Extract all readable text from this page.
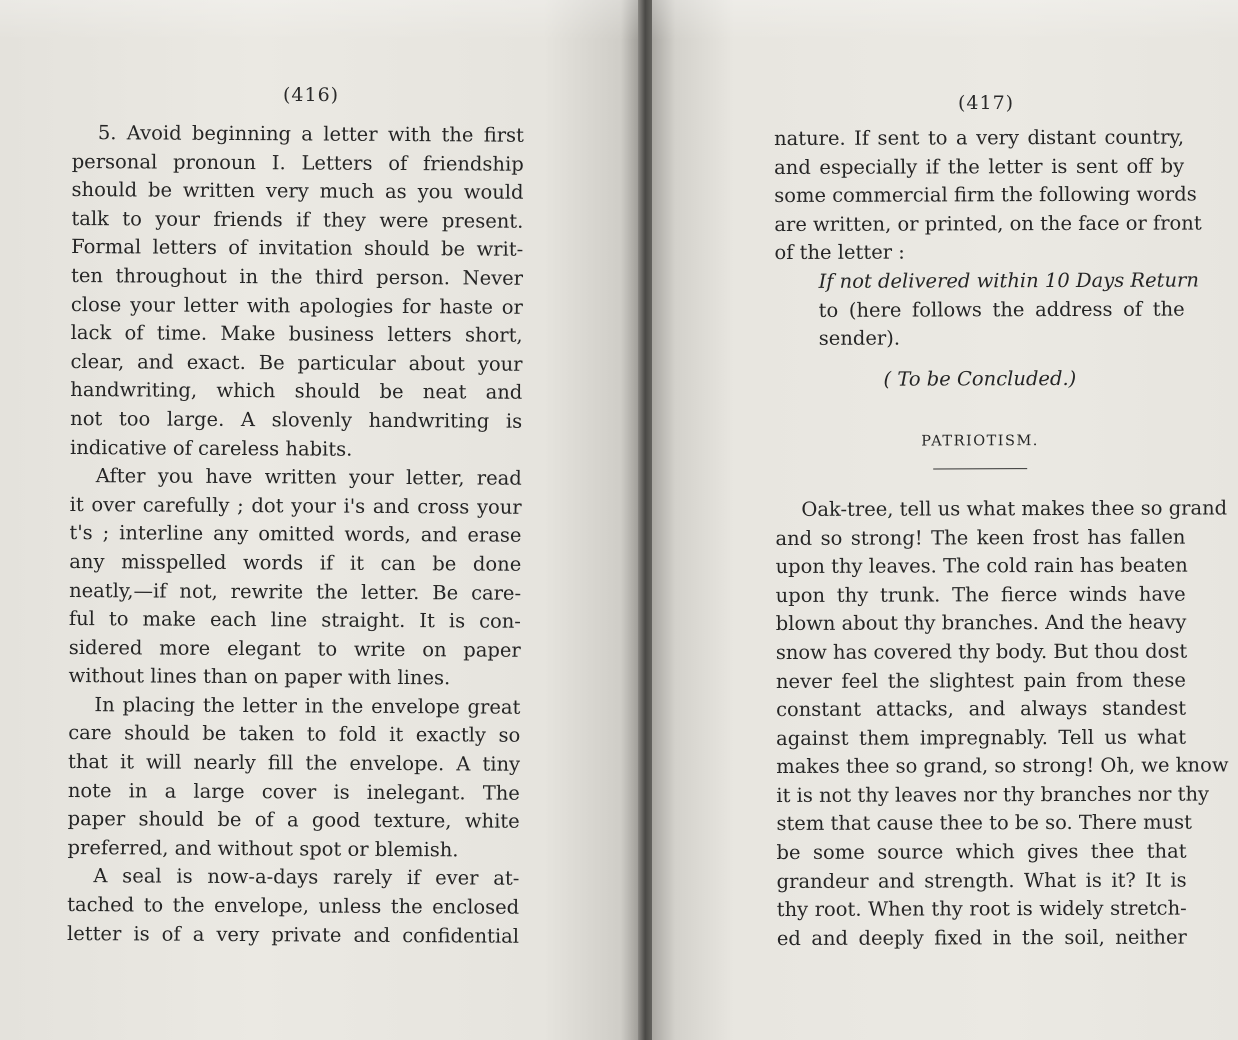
(416)
5. Avoid beginning a letter with the first
personal pronoun I. Letters of friendship
should be written very much as you would
talk to your friends if they were present.
Formal letters of invitation should be writ-
ten throughout in the third person. Never
close your letter with apologies for haste or
lack of time. Make business letters short,
clear, and exact. Be particular about your
handwriting, which should be neat and
not too large. A slovenly handwriting is
indicative of careless habits.
After you have written your letter, read
it over carefully ; dot your i's and cross your
t's ; interline any omitted words, and erase
any misspelled words if it can be done
neatly,—if not, rewrite the letter. Be care-
ful to make each line straight. It is con-
sidered more elegant to write on paper
without lines than on paper with lines.
In placing the letter in the envelope great
care should be taken to fold it exactly so
that it will nearly fill the envelope. A tiny
note in a large cover is inelegant. The
paper should be of a good texture, white
preferred, and without spot or blemish.
A seal is now-a-days rarely if ever at-
tached to the envelope, unless the enclosed
letter is of a very private and confidential
(417)
nature. If sent to a very distant country,
and especially if the letter is sent off by
some commercial firm the following words
are written, or printed, on the face or front
of the letter :
If not delivered within 10 Days Return
to (here follows the address of the
sender).
( To be Concluded.)
PATRIOTISM.
Oak-tree, tell us what makes thee so grand
and so strong! The keen frost has fallen
upon thy leaves. The cold rain has beaten
upon thy trunk. The fierce winds have
blown about thy branches. And the heavy
snow has covered thy body. But thou dost
never feel the slightest pain from these
constant attacks, and always standest
against them impregnably. Tell us what
makes thee so grand, so strong! Oh, we know
it is not thy leaves nor thy branches nor thy
stem that cause thee to be so. There must
be some source which gives thee that
grandeur and strength. What is it? It is
thy root. When thy root is widely stretch-
ed and deeply fixed in the soil, neither
